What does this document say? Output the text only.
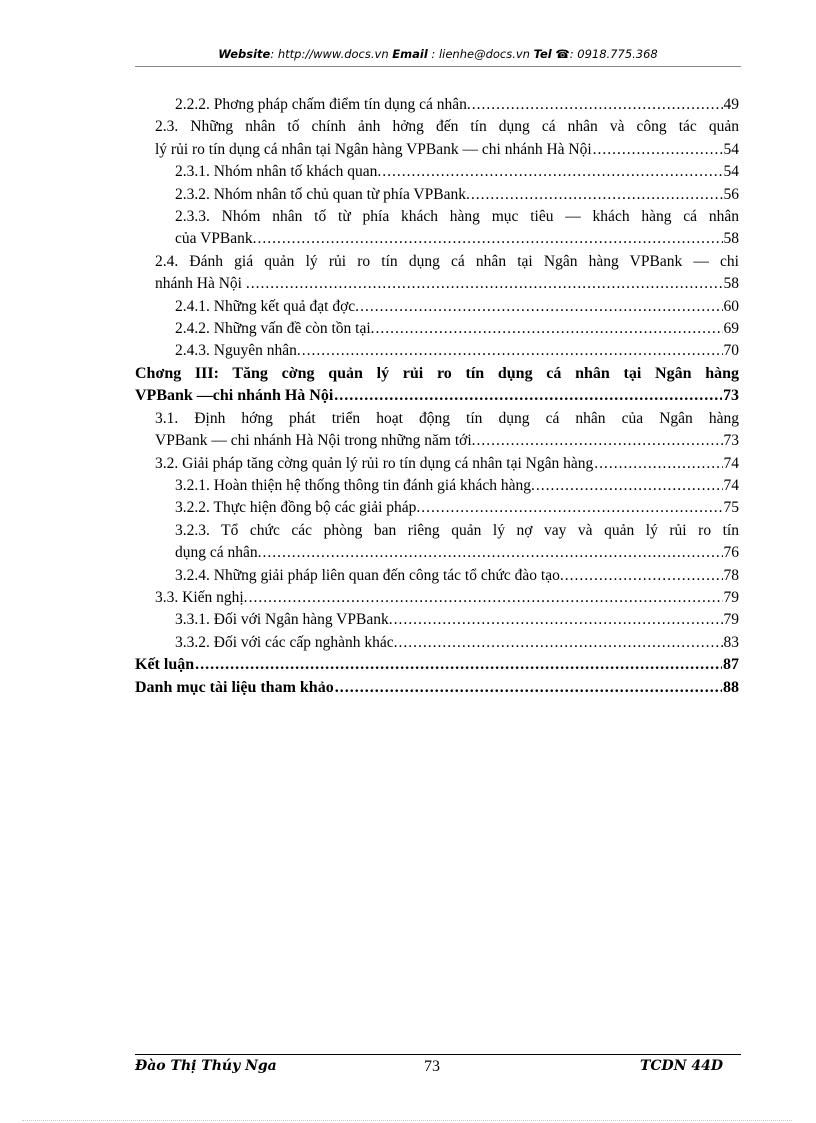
Website: http://www.docs.vn Email : lienhe@docs.vn Tel ☎: 0918.775.368
2.2.2. Phơng pháp chấm điểm tín dụng cá nhân. .....	49
2.3. Những nhân tố chính ảnh hởng đến tín dụng cá nhân và công tác quản
lý rủi ro tín dụng cá nhân tại Ngân hàng VPBank — chi nhánh Hà Nội .....	54
2.3.1. Nhóm nhân tố khách quan. .....	54
2.3.2. Nhóm nhân tố chủ quan từ phía VPBank. .....	56
2.3.3. Nhóm nhân tố từ phía khách hàng mục tiêu — khách hàng cá nhân
của VPBank. .....	58
2.4. Đánh giá quản lý rủi ro tín dụng cá nhân tại Ngân hàng VPBank — chi
nhánh Hà Nội . .....	58
2.4.1. Những kết quả đạt đợc. .....	60
2.4.2. Những vấn đề còn tồn tại. .....	69
2.4.3. Nguyên nhân. .....	70
Chơng III: Tăng cờng quản lý rủi ro tín dụng cá nhân tại Ngân hàng
VPBank —chi nhánh Hà Nội .....	73
3.1. Định hớng phát triển hoạt động tín dụng cá nhân của Ngân hàng
VPBank — chi nhánh Hà Nội trong những năm tới. .....	73
3.2. Giải pháp tăng cờng quản lý rủi ro tín dụng cá nhân tại Ngân hàng .....	74
3.2.1. Hoàn thiện hệ thống thông tin đánh giá khách hàng. .....	74
3.2.2. Thực hiện đồng bộ các giải pháp. .....	75
3.2.3. Tổ chức các phòng ban riêng quản lý nợ vay và quản lý rủi ro tín
dụng cá nhân. .....	76
3.2.4. Những giải pháp liên quan đến công tác tổ chức đào tạo. .....	78
3.3. Kiến nghị. .....	79
3.3.1. Đối với Ngân hàng VPBank. .....	79
3.3.2. Đối với các cấp nghành khác. .....	83
Kết luận .....	87
Danh mục tài liệu tham khảo .....	88
Đào Thị Thúy Nga	73	TCDN 44D
